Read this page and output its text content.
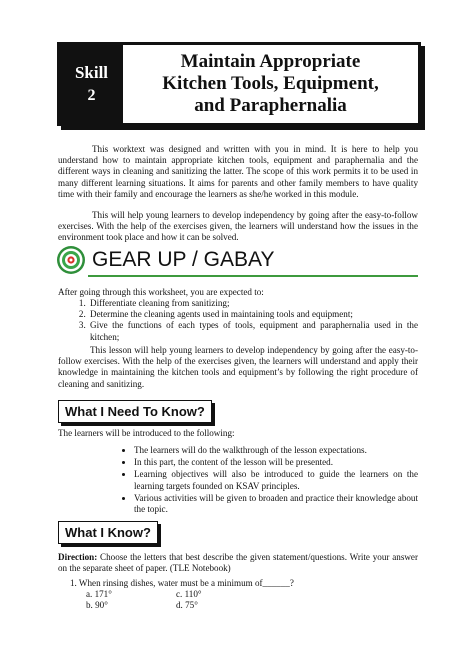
Skill
2
Maintain Appropriate
Kitchen Tools, Equipment,
and Paraphernalia

This worktext was designed and written with you in mind. It is here to help you understand how to maintain appropriate kitchen tools, equipment and paraphernalia and the different ways in cleaning and sanitizing the latter. The scope of this work permits it to be used in many different learning situations. It aims for parents and other family members to have quality time with their family and encourage the learners as she/he worked in this module.

This will help young learners to develop independency by going after the easy-to-follow exercises. With the help of the exercises given, the learners will understand how the issues in the environment took place and how it can be solved.

GEAR UP / GABAY

After going through this worksheet, you are expected to:

1. Differentiate cleaning from sanitizing;
2. Determine the cleaning agents used in maintaining tools and equipment;
3. Give the functions of each types of tools, equipment and paraphernalia used in the kitchen;

This lesson will help young learners to develop independency by going after the easy-to-follow exercises. With the help of the exercises given, the learners will understand and apply their knowledge in maintaining the kitchen tools and equipment’s by following the right procedure of cleaning and sanitizing.

What I Need To Know?

The learners will be introduced to the following:

• The learners will do the walkthrough of the lesson expectations.
• In this part, the content of the lesson will be presented.
• Learning objectives will also be introduced to guide the learners on the learning targets founded on KSAV principles.
• Various activities will be given to broaden and practice their knowledge about the topic.
What I Know?

Direction: Choose the letters that best describe the given statement/questions. Write your answer on the separate sheet of paper. (TLE Notebook)

1. When rinsing dishes, water must be a minimum of______?

a. 171°	c. 110°
b. 90°	d. 75°
